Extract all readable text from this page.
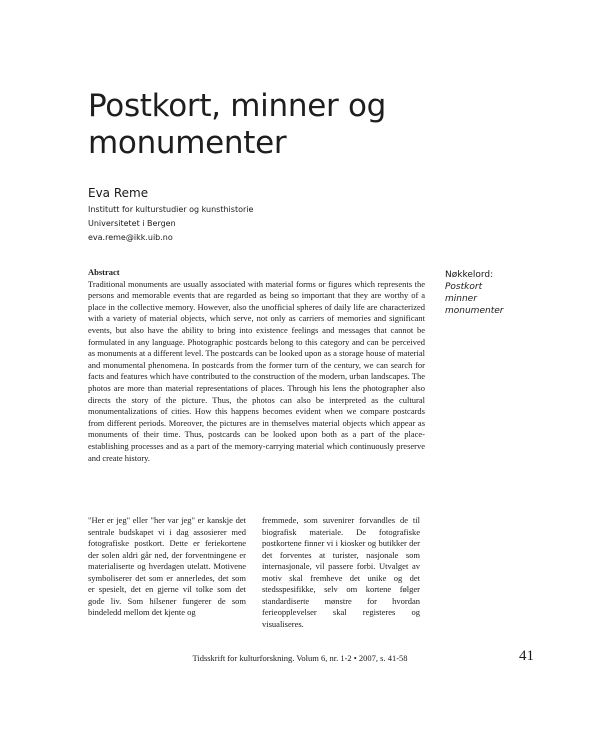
Postkort, minner og monumenter
Eva Reme
Institutt for kulturstudier og kunsthistorie
Universitetet i Bergen
eva.reme@ikk.uib.no
Abstract
Traditional monuments are usually associated with material forms or figures which represents the persons and memorable events that are regarded as being so important that they are worthy of a place in the collective memory. However, also the unofficial spheres of daily life are characterized with a variety of material objects, which serve, not only as carriers of memories and significant events, but also have the ability to bring into existence feelings and messages that cannot be formulated in any language. Photographic postcards belong to this category and can be perceived as monuments at a different level. The postcards can be looked upon as a storage house of material and monumental phenomena. In postcards from the former turn of the century, we can search for facts and features which have contributed to the construction of the modern, urban landscapes. The photos are more than material representations of places. Through his lens the photographer also directs the story of the picture. Thus, the photos can also be interpreted as the cultural monumentalizations of cities. How this happens becomes evident when we compare postcards from different periods. Moreover, the pictures are in themselves material objects which appear as monuments of their time. Thus, postcards can be looked upon both as a part of the place-establishing processes and as a part of the memory-carrying material which continuously preserve and create history.
Nøkkelord:
Postkort
minner
monumenter
"Her er jeg" eller "her var jeg" er kanskje det sentrale budskapet vi i dag assosierer med fotografiske postkort. Dette er feriekortene der solen aldri går ned, der forventningene er materialiserte og hverdagen utelatt. Motivene symboliserer det som er annerledes, det som er spesielt, det en gjerne vil tolke som det gode liv. Som hilsener fungerer de som bindeledd mellom det kjente og
fremmede, som suvenirer forvandles de til biografisk materiale. De fotografiske postkortene finner vi i kiosker og butikker der det forventes at turister, nasjonale som internasjonale, vil passere forbi. Utvalget av motiv skal fremheve det unike og det stedsspesifikke, selv om kortene følger standardiserte mønstre for hvordan ferieopplevelser skal registeres og visualiseres.
Tidsskrift for kulturforskning. Volum 6, nr. 1-2 • 2007, s. 41-58	41
